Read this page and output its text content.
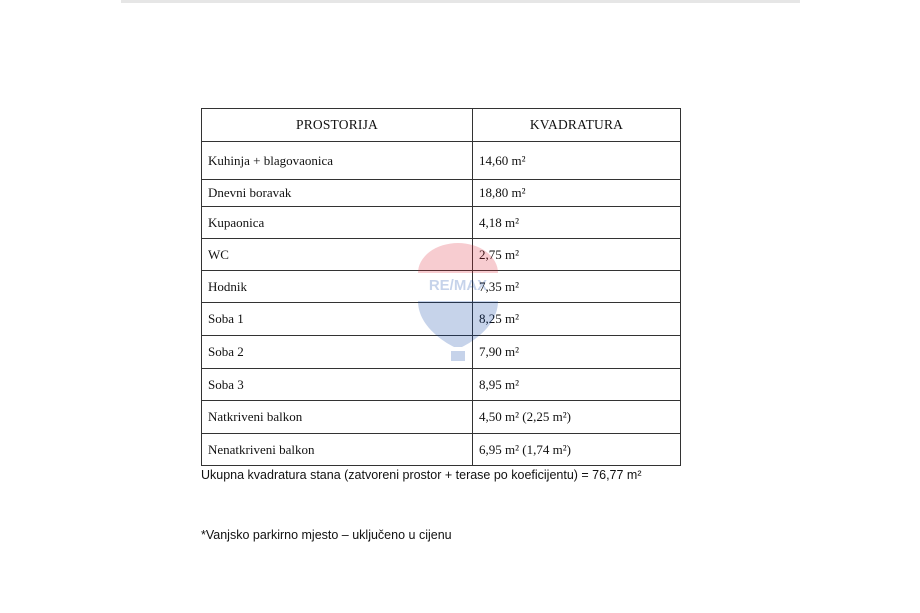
PROSTORIJA	KVADRATURA
Kuhinja + blagovaonica	14,60 m²
Dnevni boravak	18,80 m²
Kupaonica	4,18 m²
WC	2,75 m²
Hodnik	7,35 m²
Soba 1	8,25 m²
Soba 2	7,90 m²
Soba 3	8,95 m²
Natkriveni balkon	4,50 m² (2,25 m²)
Nenatkriveni balkon	6,95 m² (1,74 m²)
RE/MAX
Ukupna kvadratura stana (zatvoreni prostor + terase po koeficijentu) = 76,77 m²
*Vanjsko parkirno mjesto – uključeno u cijenu
